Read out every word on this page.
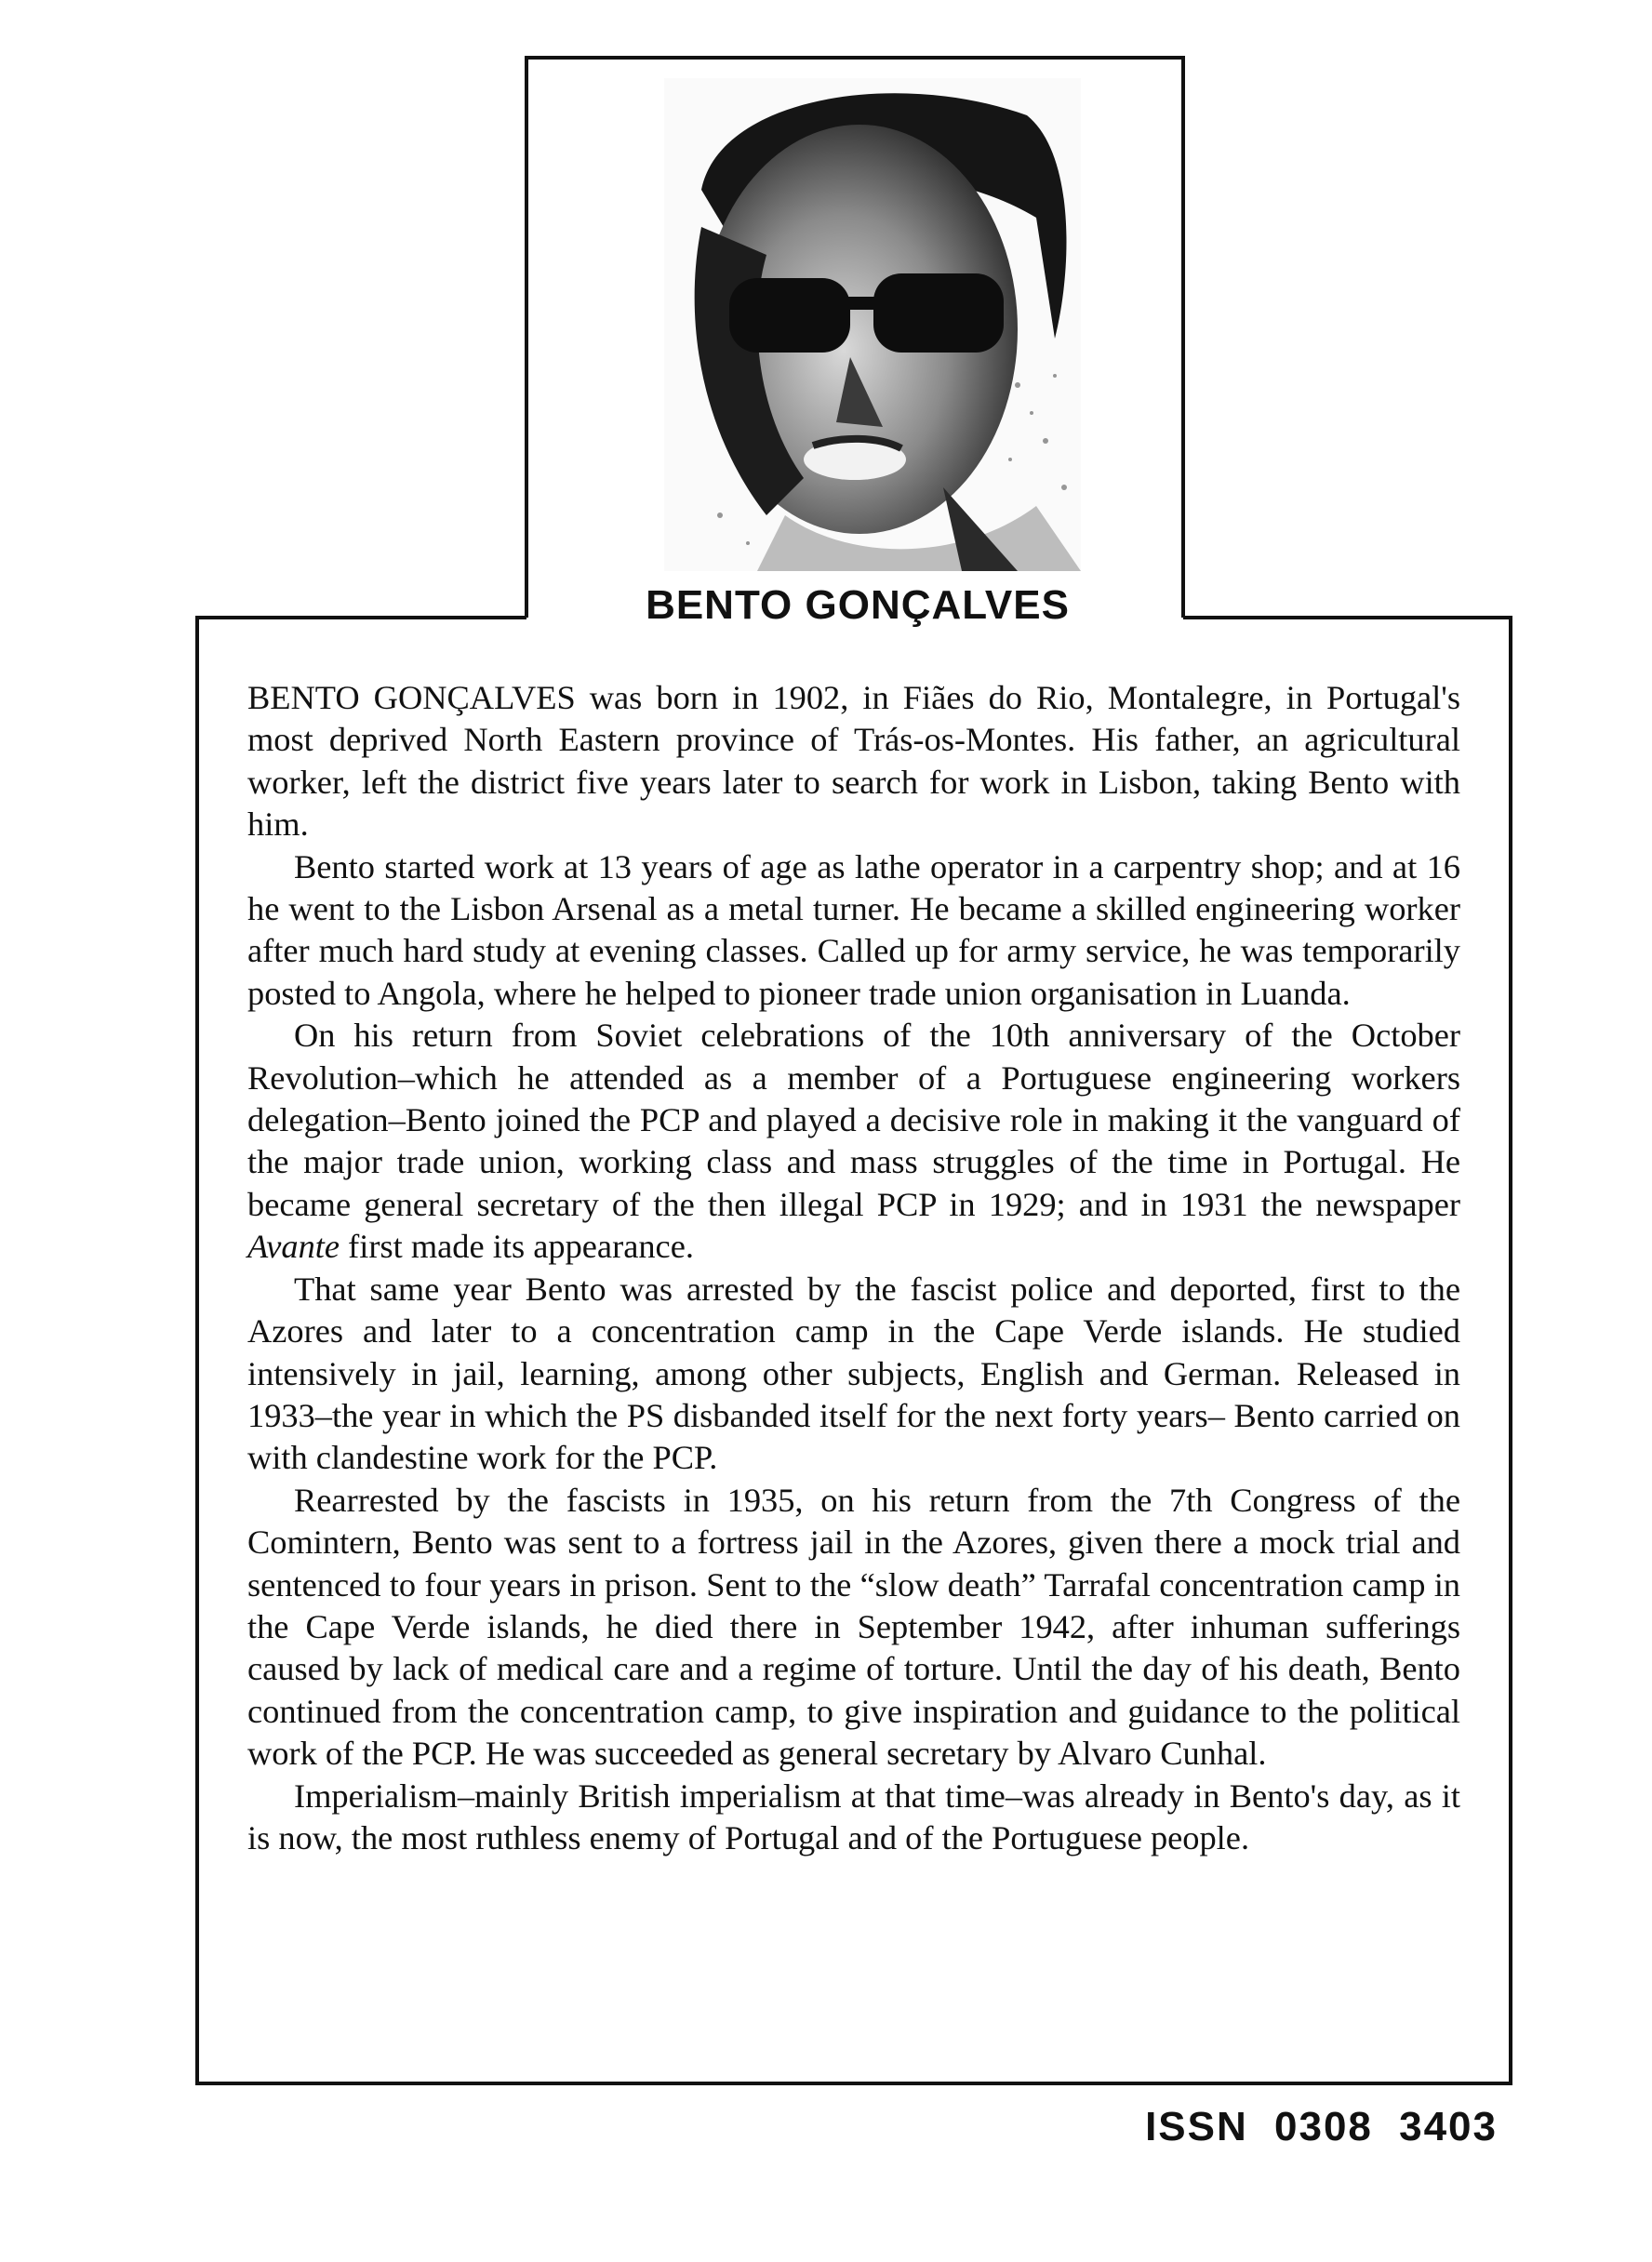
BENTO GONÇALVES

BENTO GONÇALVES was born in 1902, in Fiães do Rio, Montalegre, in Portugal's most deprived North Eastern province of Trás-os-Montes. His father, an agricultural worker, left the district five years later to search for work in Lisbon, taking Bento with him.

Bento started work at 13 years of age as lathe operator in a carpentry shop; and at 16 he went to the Lisbon Arsenal as a metal turner. He became a skilled engineering worker after much hard study at evening classes. Called up for army service, he was temporarily posted to Angola, where he helped to pioneer trade union organisation in Luanda.

On his return from Soviet celebrations of the 10th anniversary of the October Revolution–which he attended as a member of a Portuguese engineering workers delegation–Bento joined the PCP and played a decisive role in making it the vanguard of the major trade union, working class and mass struggles of the time in Portugal. He became general secretary of the then illegal PCP in 1929; and in 1931 the newspaper Avante first made its appearance.

That same year Bento was arrested by the fascist police and deported, first to the Azores and later to a concentration camp in the Cape Verde islands. He studied intensively in jail, learning, among other subjects, English and German. Released in 1933–the year in which the PS disbanded itself for the next forty years– Bento carried on with clandestine work for the PCP.

Rearrested by the fascists in 1935, on his return from the 7th Congress of the Comintern, Bento was sent to a fortress jail in the Azores, given there a mock trial and sentenced to four years in prison. Sent to the “slow death” Tarrafal concentration camp in the Cape Verde islands, he died there in September 1942, after inhuman sufferings caused by lack of medical care and a regime of torture. Until the day of his death, Bento continued from the concentration camp, to give inspiration and guidance to the political work of the PCP. He was succeeded as general secretary by Alvaro Cunhal.

Imperialism–mainly British imperialism at that time–was already in Bento's day, as it is now, the most ruthless enemy of Portugal and of the Portuguese people.

ISSN 0308 3403
